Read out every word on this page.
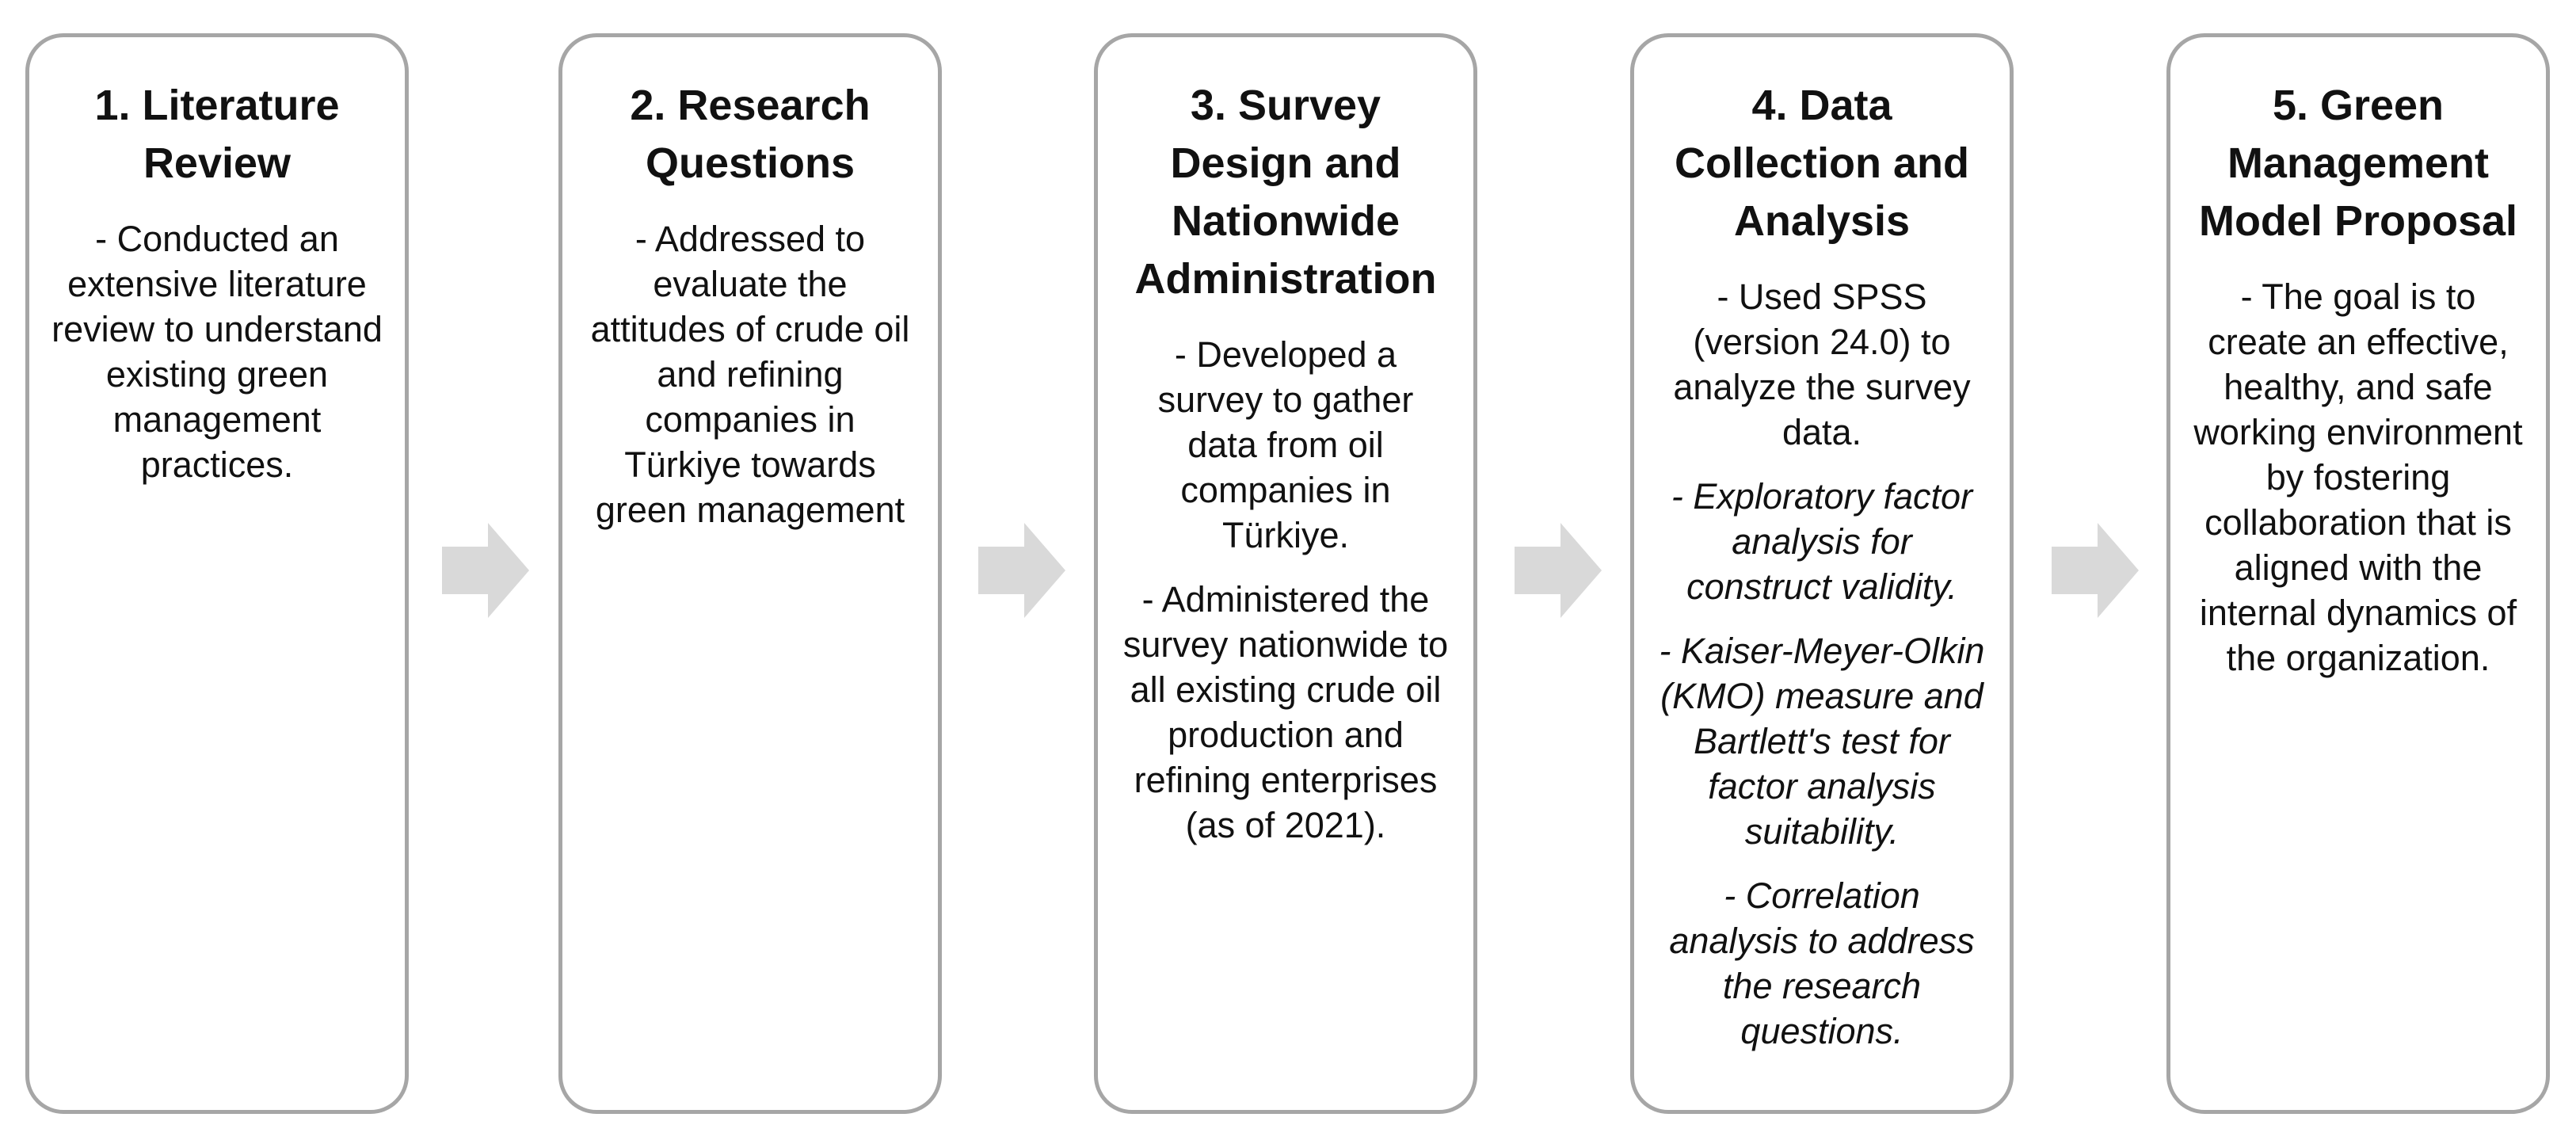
1. Literature Review

- Conducted an extensive literature review to understand existing green management practices.

2. Research Questions

- Addressed to evaluate the attitudes of crude oil and refining companies in Türkiye towards green management

3. Survey Design and Nationwide Administration

- Developed a survey to gather data from oil companies in Türkiye.

- Administered the survey nationwide to all existing crude oil production and refining enterprises (as of 2021).

4. Data Collection and Analysis

- Used SPSS (version 24.0) to analyze the survey data.

- Exploratory factor analysis for construct validity.

- Kaiser-Meyer-Olkin (KMO) measure and Bartlett's test for factor analysis suitability.

- Correlation analysis to address the research questions.

5. Green Management Model Proposal

- The goal is to create an effective, healthy, and safe working environment by fostering collaboration that is aligned with the internal dynamics of the organization.
